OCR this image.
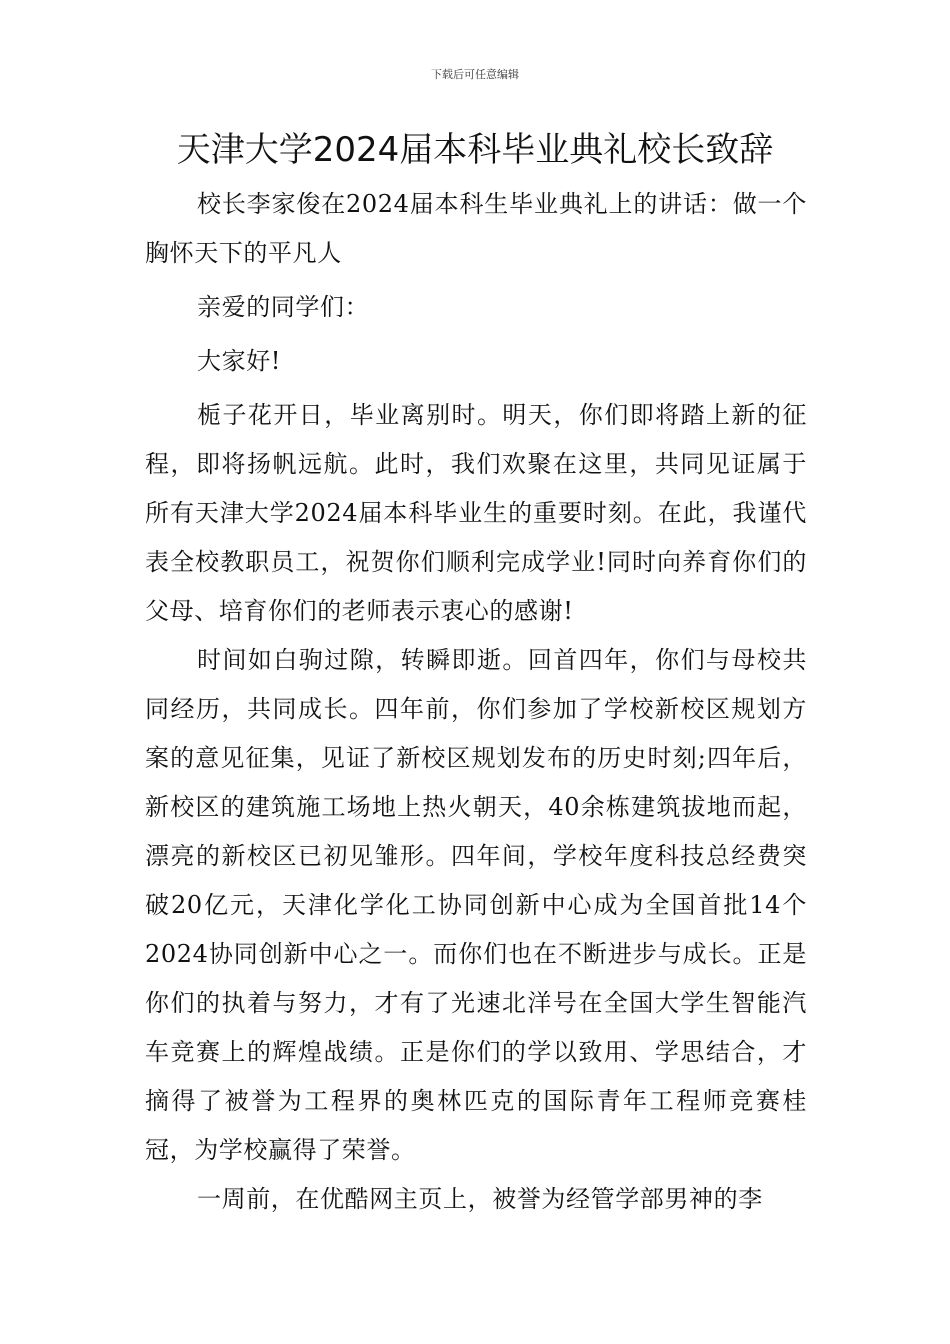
下载后可任意编辑
天津大学2024届本科毕业典礼校长致辞

校长李家俊在2024届本科生毕业典礼上的讲话：做一个胸怀天下的平凡人

亲爱的同学们：

大家好!

栀子花开日，毕业离别时。明天，你们即将踏上新的征程，即将扬帆远航。此时，我们欢聚在这里，共同见证属于所有天津大学2024届本科毕业生的重要时刻。在此，我谨代表全校教职员工，祝贺你们顺利完成学业!同时向养育你们的父母、培育你们的老师表示衷心的感谢!

时间如白驹过隙，转瞬即逝。回首四年，你们与母校共同经历，共同成长。四年前，你们参加了学校新校区规划方案的意见征集，见证了新校区规划发布的历史时刻;四年后，新校区的建筑施工场地上热火朝天，40余栋建筑拔地而起，漂亮的新校区已初见雏形。四年间，学校年度科技总经费突破20亿元，天津化学化工协同创新中心成为全国首批14个2024协同创新中心之一。而你们也在不断进步与成长。正是你们的执着与努力，才有了光速北洋号在全国大学生智能汽车竞赛上的辉煌战绩。正是你们的学以致用、学思结合，才摘得了被誉为工程界的奥林匹克的国际青年工程师竞赛桂冠，为学校赢得了荣誉。

一周前，在优酷网主页上，被誉为经管学部男神的李
